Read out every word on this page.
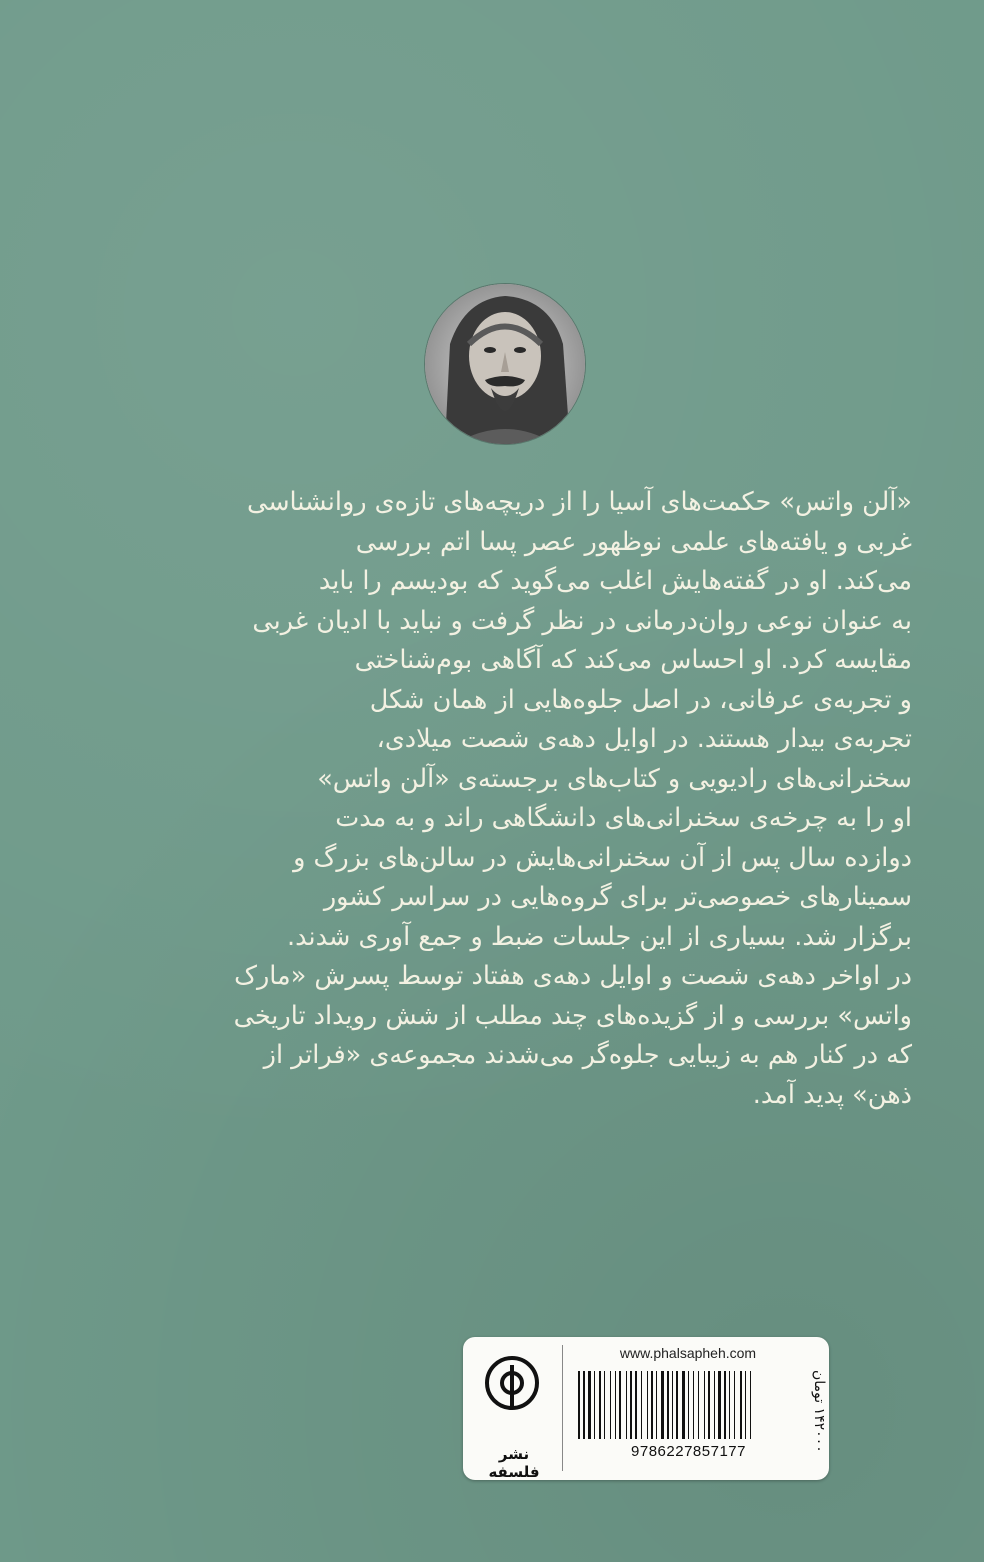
«آلن واتس» حکمت‌های آسیا را از دریچه‌های تازه‌ی روانشناسی

غربی و یافته‌های علمی نوظهور عصر پسا اتم بررسی

می‌کند. او در گفته‌هایش اغلب می‌گوید که بودیسم را باید

به عنوان نوعی روان‌درمانی در نظر گرفت و نباید با ادیان غربی

مقایسه کرد. او احساس می‌کند که آگاهی بوم‌شناختی

و تجربه‌ی عرفانی، در اصل جلوه‌هایی از همان شکل

تجربه‌ی بیدار هستند. در اوایل دهه‌ی شصت میلادی،

سخنرانی‌های رادیویی و کتاب‌های برجسته‌ی «آلن واتس»

او را به چرخه‌ی سخنرانی‌های دانشگاهی راند و به مدت

دوازده سال پس از آن سخنرانی‌هایش در سالن‌های بزرگ و

سمینارهای خصوصی‌تر برای گروه‌هایی در سراسر کشور

برگزار شد. بسیاری از این جلسات ضبط و جمع آوری شدند.

در اواخر دهه‌ی شصت و اوایل دهه‌ی هفتاد توسط پسرش «مارک

واتس» بررسی و از گزیده‌های چند مطلب از شش رویداد تاریخی

که در کنار هم به زیبایی جلوه‌گر می‌شدند مجموعه‌ی «فراتر از

ذهن» پدید آمد.

نشر فلسفه
www.phalsapheh.com
9786227857177
۱۴۲۰۰۰ تومان
